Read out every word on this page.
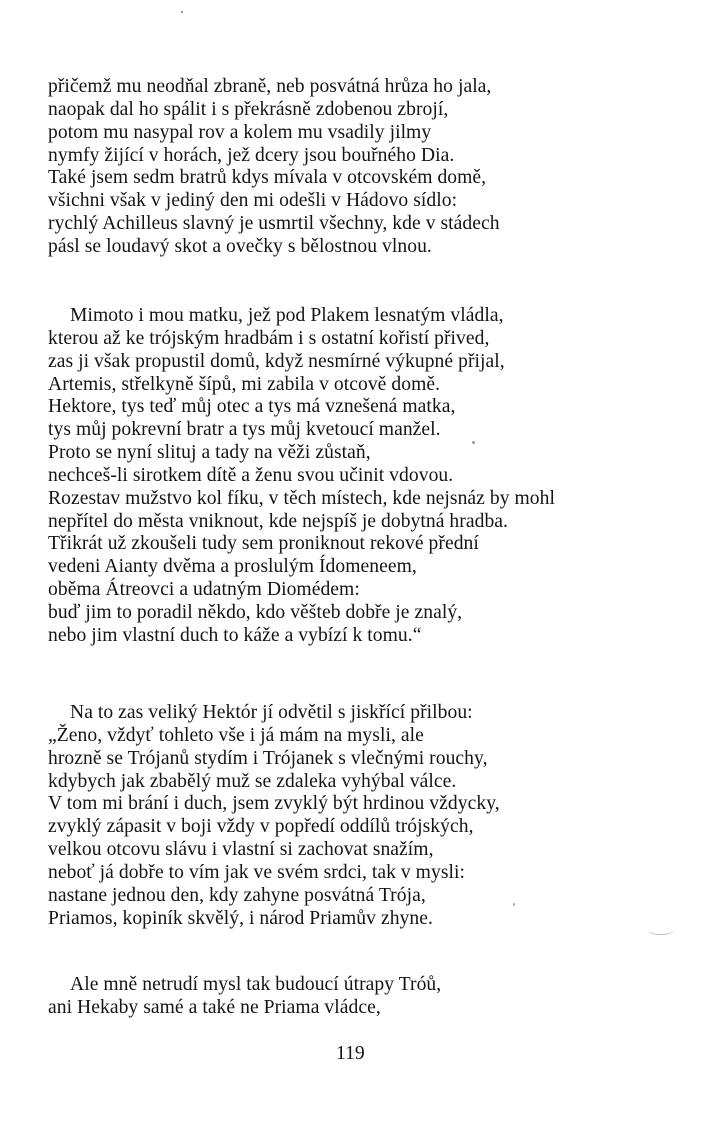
přičemž mu neodňal zbraně, neb posvátná hrůza ho jala,
naopak dal ho spálit i s překrásně zdobenou zbrojí,
potom mu nasypal rov a kolem mu vsadily jilmy
nymfy žijící v horách, jež dcery jsou bouřného Dia.
Také jsem sedm bratrů kdys mívala v otcovském domě,
všichni však v jediný den mi odešli v Hádovo sídlo:
rychlý Achilleus slavný je usmrtil všechny, kde v stádech
pásl se loudavý skot a ovečky s bělostnou vlnou.
Mimoto i mou matku, jež pod Plakem lesnatým vládla,
kterou až ke trójským hradbám i s ostatní kořistí přived,
zas ji však propustil domů, když nesmírné výkupné přijal,
Artemis, střelkyně šípů, mi zabila v otcově domě.
Hektore, tys teď můj otec a tys má vznešená matka,
tys můj pokrevní bratr a tys můj kvetoucí manžel.
Proto se nyní slituj a tady na věži zůstaň,
nechceš-li sirotkem dítě a ženu svou učinit vdovou.
Rozestav mužstvo kol fíku, v těch místech, kde nejsnáz by mohl
nepřítel do města vniknout, kde nejspíš je dobytná hradba.
Třikrát už zkoušeli tudy sem proniknout rekové přední
vedeni Aianty dvěma a proslulým Ídomeneem,
oběma Átreovci a udatným Diomédem:
buď jim to poradil někdo, kdo věšteb dobře je znalý,
nebo jim vlastní duch to káže a vybízí k tomu.“
Na to zas veliký Hektór jí odvětil s jiskřící přilbou:
„Ženo, vždyť tohleto vše i já mám na mysli, ale
hrozně se Trójanů stydím i Trójanek s vlečnými rouchy,
kdybych jak zbabělý muž se zdaleka vyhýbal válce.
V tom mi brání i duch, jsem zvyklý být hrdinou vždycky,
zvyklý zápasit v boji vždy v popředí oddílů trójských,
velkou otcovu slávu i vlastní si zachovat snažím,
neboť já dobře to vím jak ve svém srdci, tak v mysli:
nastane jednou den, kdy zahyne posvátná Trója,
Priamos, kopiník skvělý, i národ Priamův zhyne.
Ale mně netrudí mysl tak budoucí útrapy Tróů,
ani Hekaby samé a také ne Priama vládce,
119
